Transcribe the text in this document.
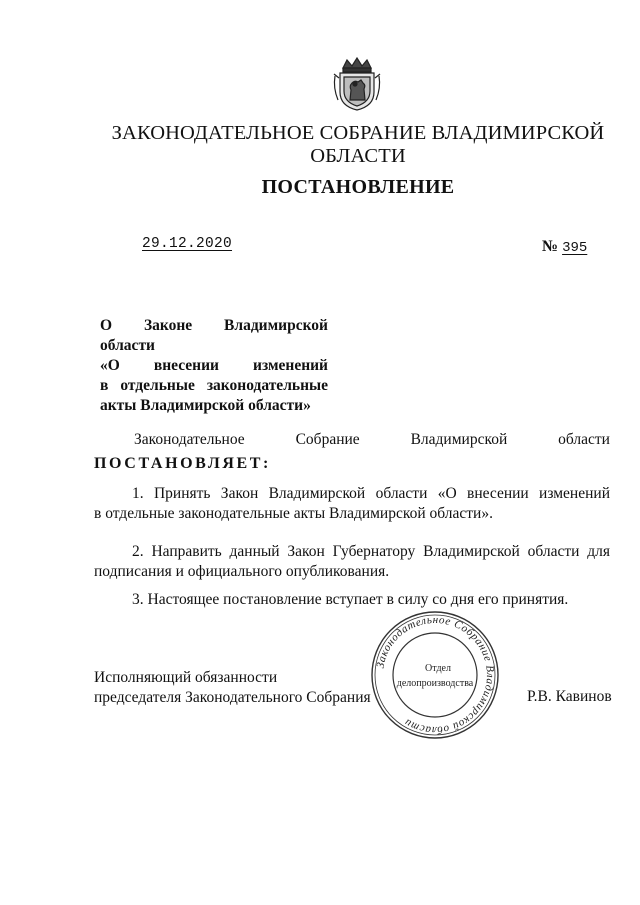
ЗАКОНОДАТЕЛЬНОЕ СОБРАНИЕ ВЛАДИМИРСКОЙ ОБЛАСТИ
ПОСТАНОВЛЕНИЕ
29.12.2020	№ 395
О Законе Владимирской области
«О внесении изменений
в отдельные законодательные
акты Владимирской области»
Законодательное	Собрание	Владимирской	области
ПОСТАНОВЛЯЕТ:
1. Принять Закон Владимирской области «О внесении изменений
в отдельные законодательные акты Владимирской области».
2. Направить данный Закон Губернатору Владимирской области для
подписания и официального опубликования.
3. Настоящее постановление вступает в силу со дня его принятия.
Исполняющий обязанности
председателя Законодательного Собрания
Законодательное Собрание Владимирской области
Отдел
делопроизводства
Р.В. Кавинов
